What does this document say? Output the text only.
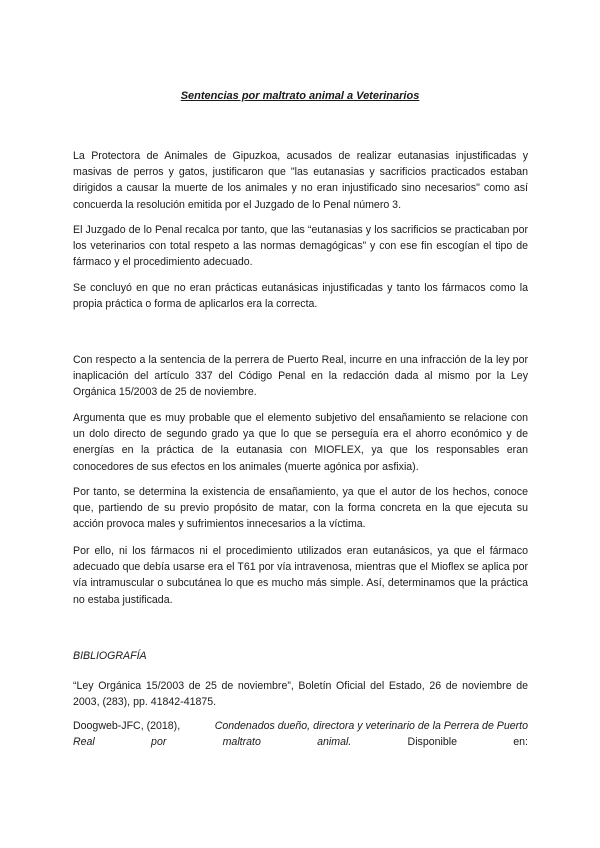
Sentencias por maltrato animal a Veterinarios

La Protectora de Animales de Gipuzkoa, acusados de realizar eutanasias injustificadas y masivas de perros y gatos, justificaron que "las eutanasias y sacrificios practicados estaban dirigidos a causar la muerte de los animales y no eran injustificado sino necesarios" como así concuerda la resolución emitida por el Juzgado de lo Penal número 3.

El Juzgado de lo Penal recalca por tanto, que las “eutanasias y los sacrificios se practicaban por los veterinarios con total respeto a las normas demagógicas” y con ese fin escogían el tipo de fármaco y el procedimiento adecuado.

Se concluyó en que no eran prácticas eutanásicas injustificadas y tanto los fármacos como la propia práctica o forma de aplicarlos era la correcta.

Con respecto a la sentencia de la perrera de Puerto Real, incurre en una infracción de la ley por inaplicación del artículo 337 del Código Penal en la redacción dada al mismo por la Ley Orgánica 15/2003 de 25 de noviembre.

Argumenta que es muy probable que el elemento subjetivo del ensañamiento se relacione con un dolo directo de segundo grado ya que lo que se perseguía era el ahorro económico y de energías en la práctica de la eutanasia con MIOFLEX, ya que los responsables eran conocedores de sus efectos en los animales (muerte agónica por asfixia).

Por tanto, se determina la existencia de ensañamiento, ya que el autor de los hechos, conoce que, partiendo de su previo propósito de matar, con la forma concreta en la que ejecuta su acción provoca males y sufrimientos innecesarios a la víctima.

Por ello, ni los fármacos ni el procedimiento utilizados eran eutanásicos, ya que el fármaco adecuado que debía usarse era el T61 por vía intravenosa, mientras que el Mioflex se aplica por vía intramuscular o subcutánea lo que es mucho más simple. Así, determinamos que la práctica no estaba justificada.

BIBLIOGRAFÍA

“Ley Orgánica 15/2003 de 25 de noviembre”, Boletín Oficial del Estado, 26 de noviembre de 2003, (283), pp. 41842-41875.

Doogweb-JFC, (2018),	Condenados dueño, directora y veterinario de la Perrera de Puerto
Real	por	maltrato	animal.	Disponible	en:
